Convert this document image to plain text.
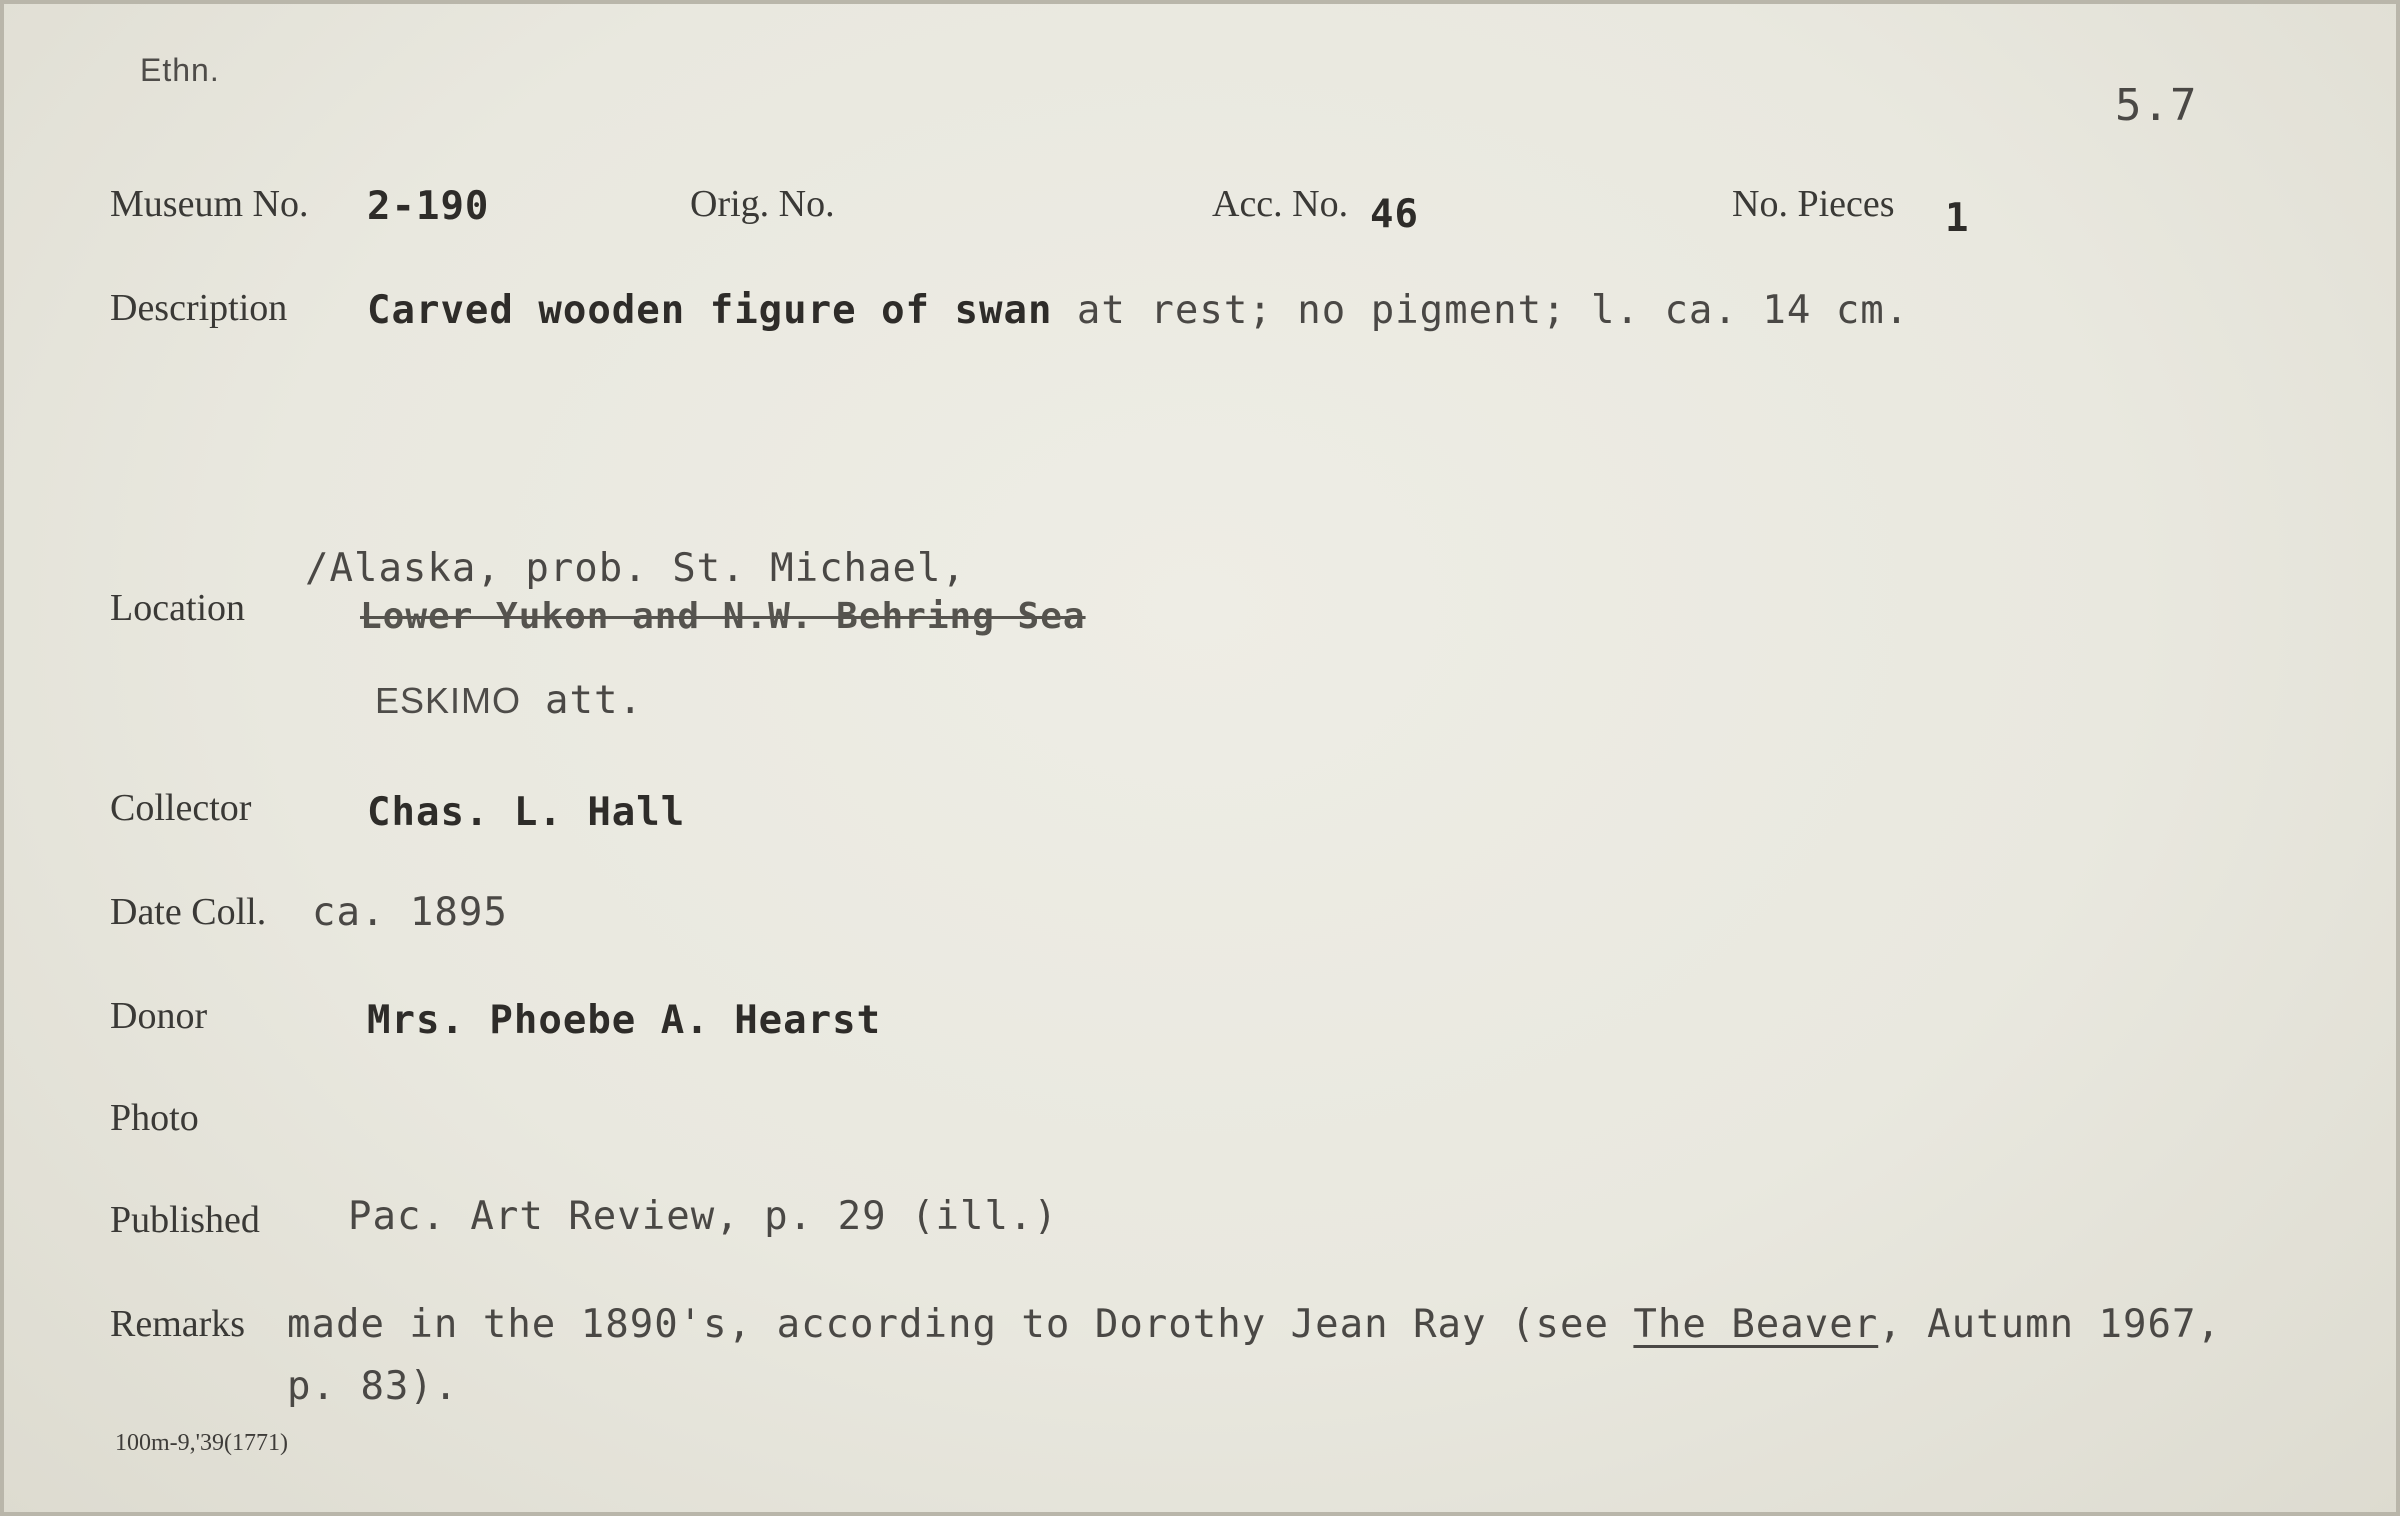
Ethn.
5.7
Museum No. 2-190	Orig. No.	Acc. No. 46	No. Pieces 1
Description Carved wooden figure of swan at rest; no pigment; l. ca. 14 cm.
/Alaska, prob. St. Michael,
Location	Lower Yukon and N.W. Behring Sea
ESKIMO att.
Collector	Chas. L. Hall
Date Coll. ca. 1895
Donor	Mrs. Phoebe A. Hearst
Photo
Published Pac. Art Review, p. 29 (ill.)
Remarks made in the 1890's, according to Dorothy Jean Ray (see The Beaver, Autumn 1967,
p. 83).
100m-9,'39(1771)
